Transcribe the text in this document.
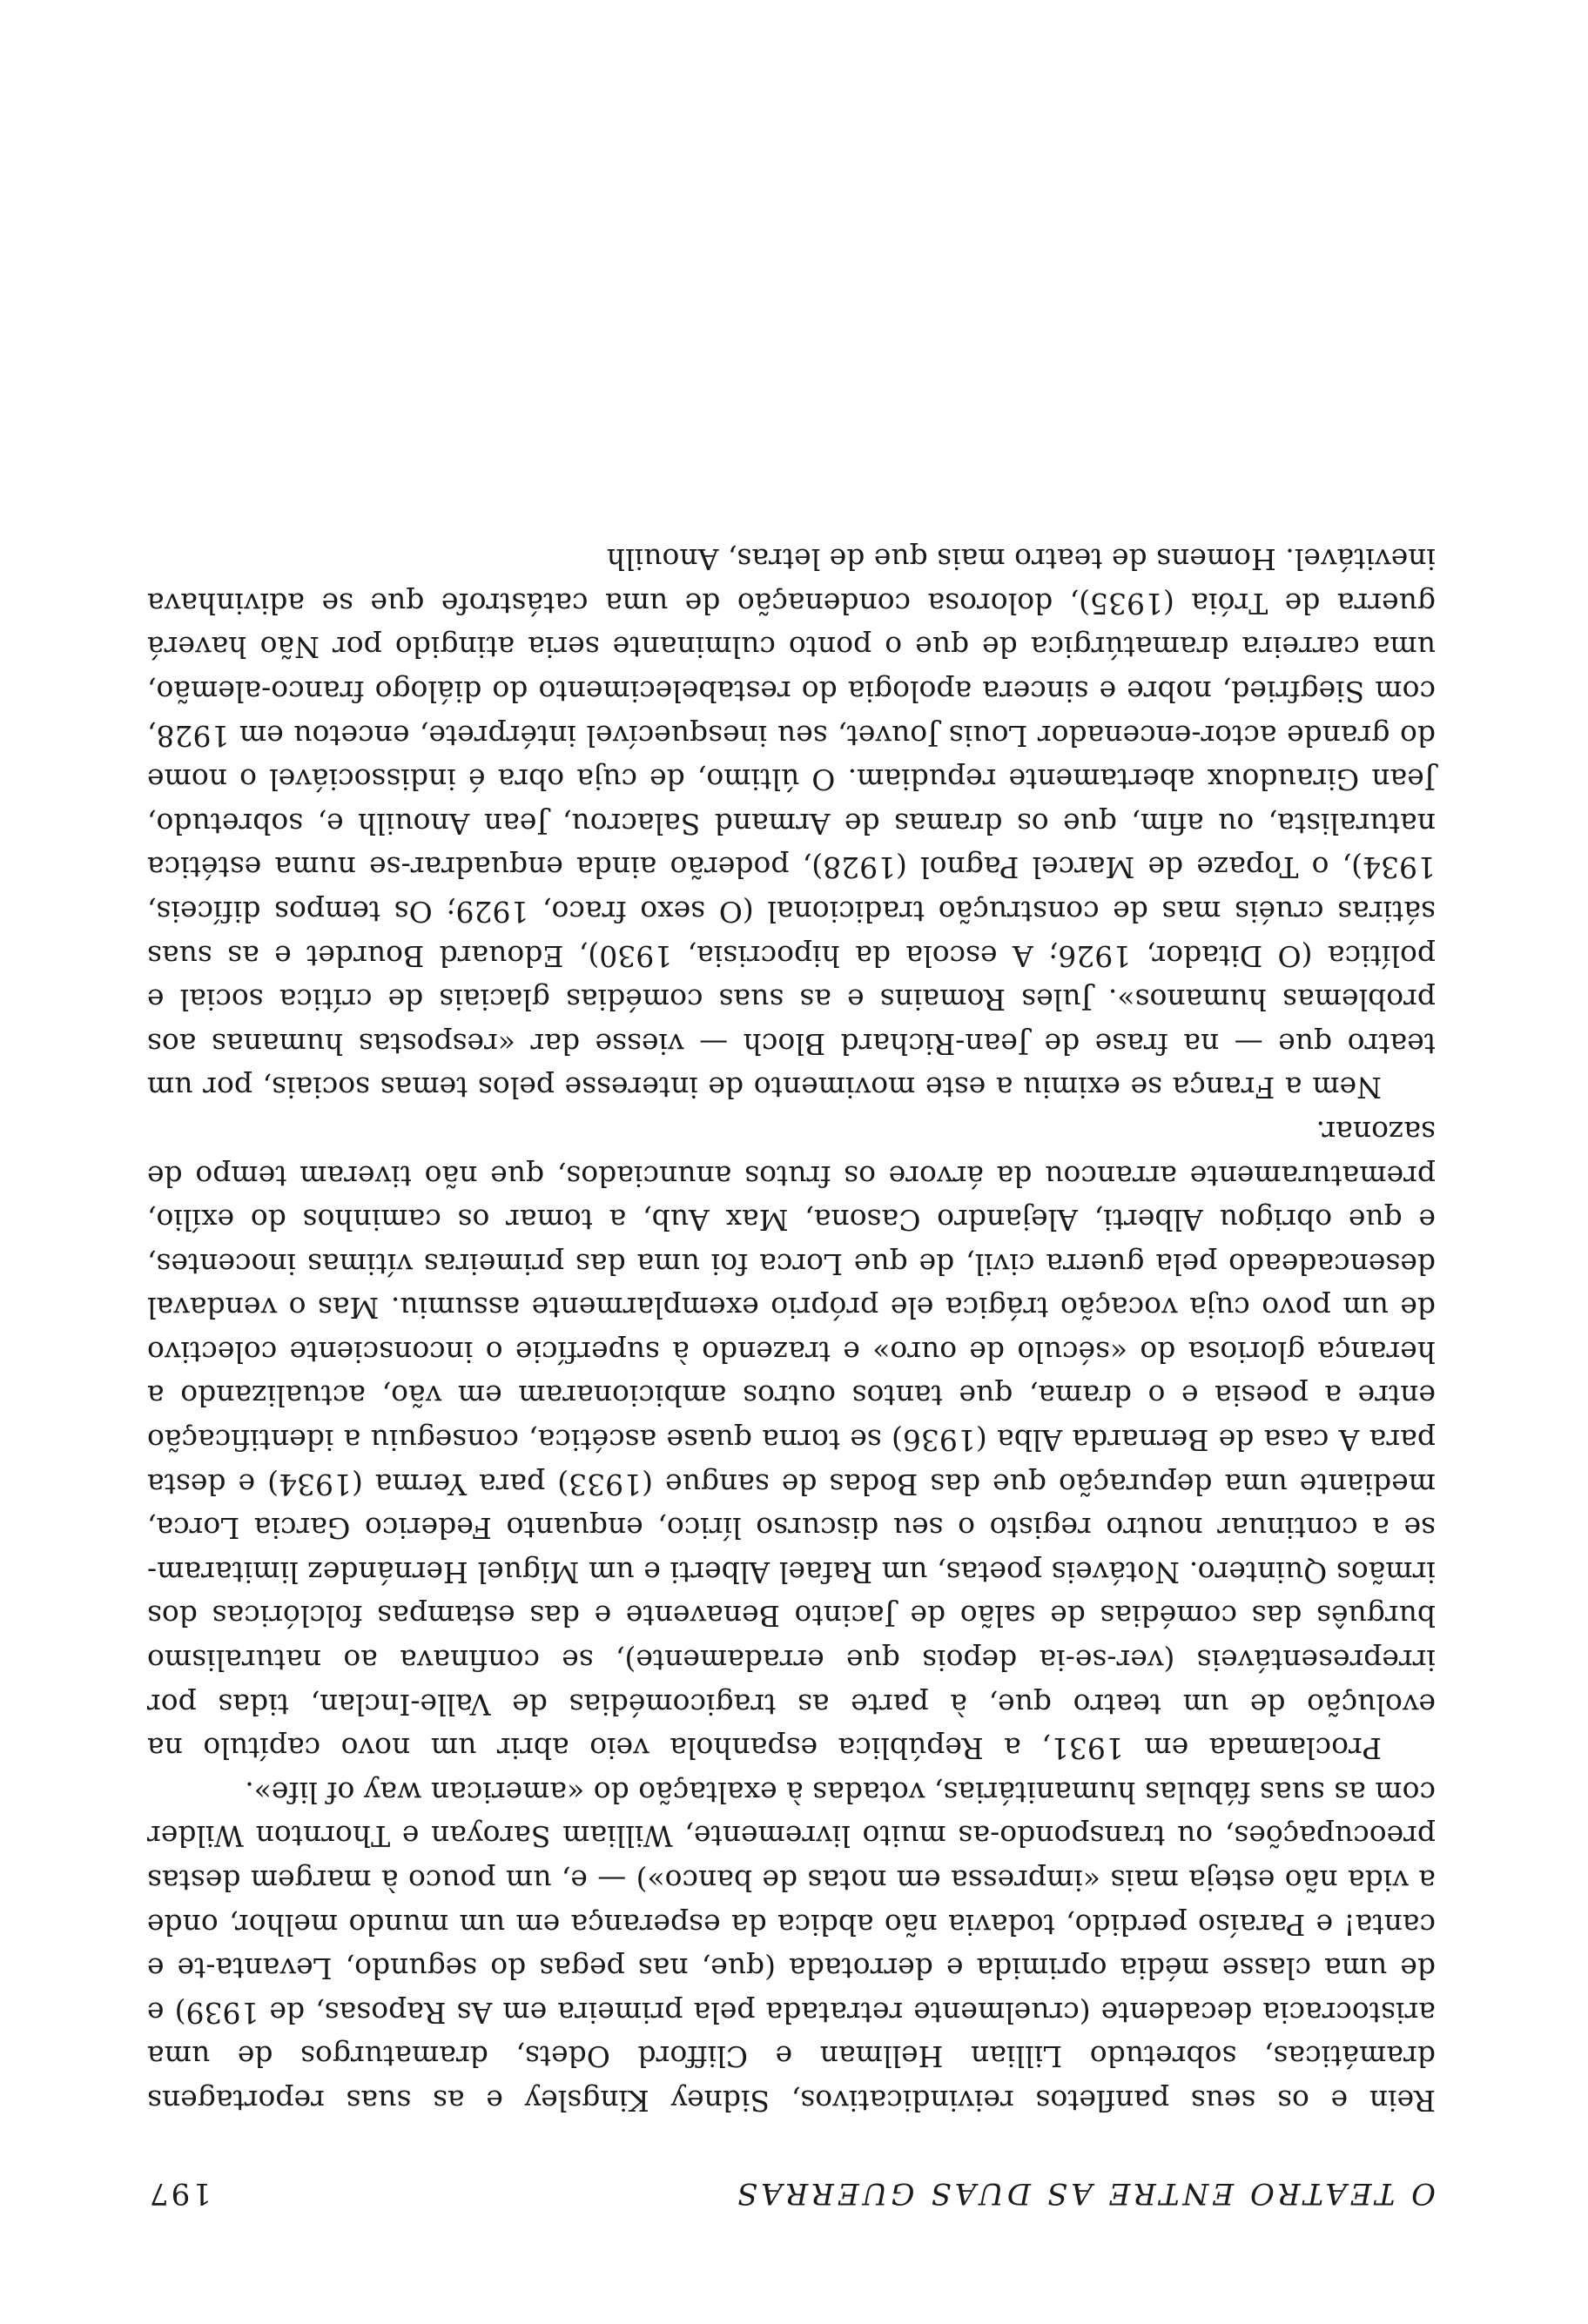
O TEATRO ENTRE AS DUAS GUERRAS
197

Rein e os seus panfletos reivindicativos, Sidney Kingsley e as suas reportagens dramáticas, sobretudo Lillian Hellman e Clifford Odets, dramaturgos de uma aristocracia decadente (cruelmente retratada pela primeira em As Raposas, de 1939) e de uma classe média oprimida e derrotada (que, nas pegas do segundo, Levanta-te e canta! e Paraíso perdido, todavia não abdica da esperança em um mundo melhor, onde a vida não esteja mais «impressa em notas de banco») — e, um pouco à margem destas preocupações, ou transpondo-as muito livremente, William Saroyan e Thornton Wilder com as suas fábulas humanitárias, votadas à exaltação do «american way of life».

Proclamada em 1931, a República espanhola veio abrir um novo capítulo na evolução de um teatro que, à parte as tragicomédias de Valle-Inclan, tidas por irrepresentáveis (ver-se-ia depois que erradamente), se confinava ao naturalismo burguês das comédias de salão de Jacinto Benavente e das estampas folclóricas dos irmãos Quintero. Notáveis poetas, um Rafael Alberti e um Miguel Hernández limitaram-se a continuar noutro registo o seu discurso lírico, enquanto Federico Garcia Lorca, mediante uma depuração que das Bodas de sangue (1933) para Yerma (1934) e desta para A casa de Bernarda Alba (1936) se torna quase ascética, conseguiu a identificação entre a poesia e o drama, que tantos outros ambicionaram em vão, actualizando a herança gloriosa do «século de ouro» e trazendo à superfície o inconsciente colectivo de um povo cuja vocação trágica ele próprio exemplarmente assumiu. Mas o vendaval desencadeado pela guerra civil, de que Lorca foi uma das primeiras vítimas inocentes, e que obrigou Alberti, Alejandro Casona, Max Aub, a tomar os caminhos do exílio, prematuramente arrancou da árvore os frutos anunciados, que não tiveram tempo de sazonar.

Nem a França se eximiu a este movimento de interesse pelos temas sociais, por um teatro que — na frase de Jean-Richard Bloch — viesse dar «respostas humanas aos problemas humanos». Jules Romains e as suas comédias glaciais de crítica social e política (O Ditador, 1926; A escola da hipocrisia, 1930), Edouard Bourdet e as suas sátiras cruéis mas de construção tradicional (O sexo fraco, 1929; Os tempos difíceis, 1934), o Topaze de Marcel Pagnol (1928), poderão ainda enquadrar-se numa estética naturalista, ou afim, que os dramas de Armand Salacrou, Jean Anouilh e, sobretudo, Jean Giraudoux abertamente repudiam. O último, de cuja obra é indissociável o nome do grande actor-encenador Louis Jouvet, seu inesquecível intérprete, encetou em 1928, com Siegfried, nobre e sincera apologia do restabelecimento do diálogo franco-alemão, uma carreira dramatúrgica de que o ponto culminante seria atingido por Não haverá guerra de Tróia (1935), dolorosa condenação de uma catástrofe que se adivinhava inevitável. Homens de teatro mais que de letras, Anouilh
